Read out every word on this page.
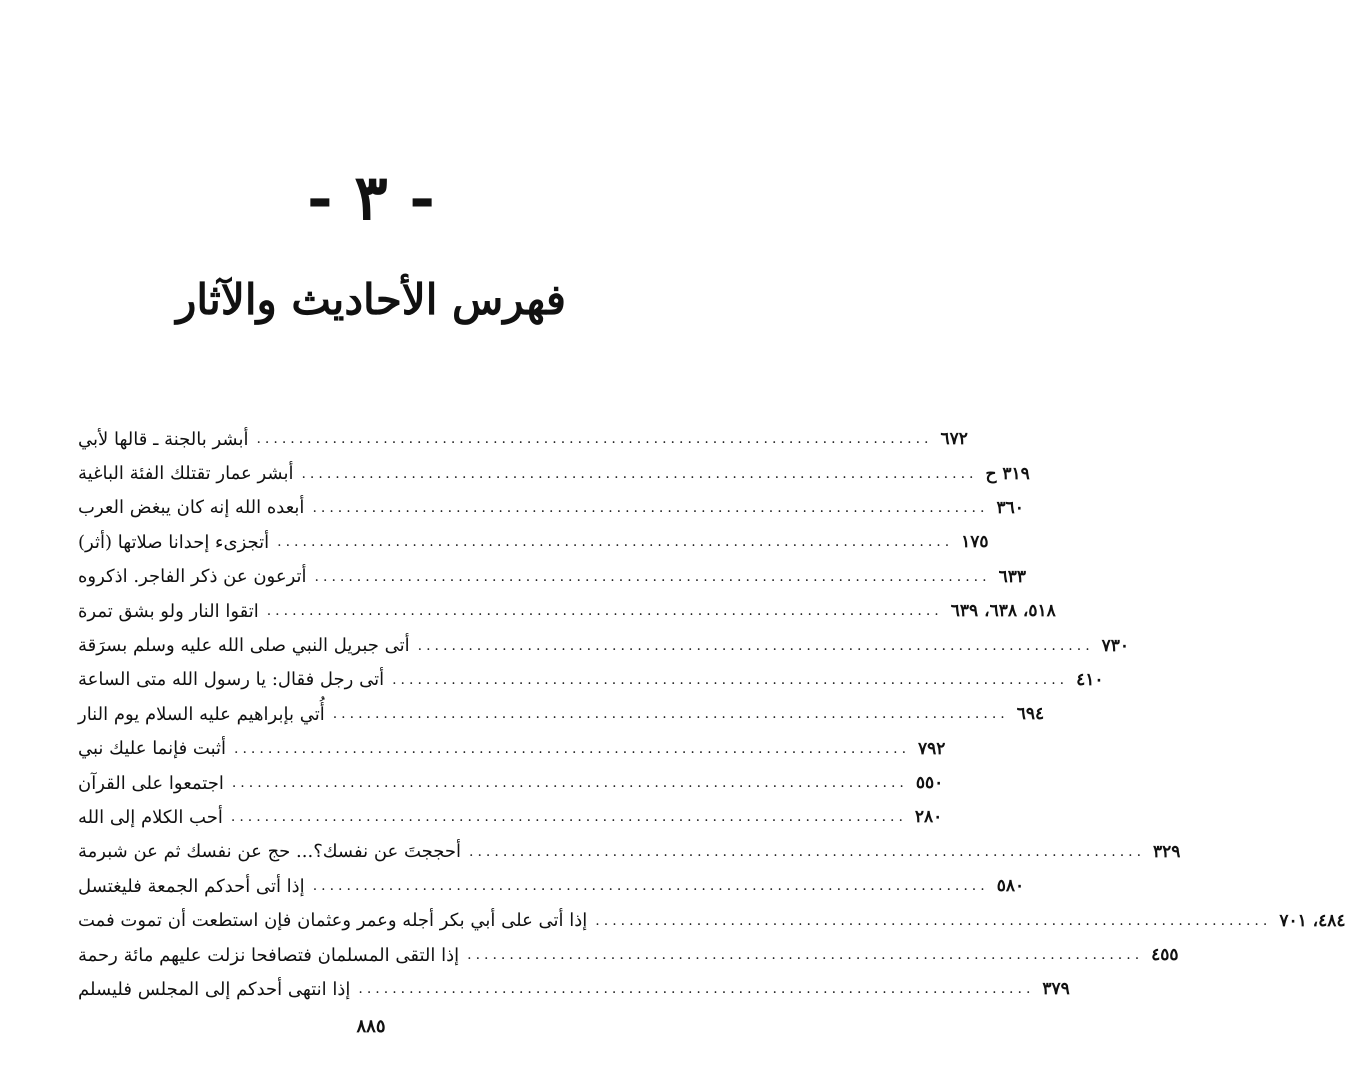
- ٣ -
فهرس الأحاديث والآثار
أبشر بالجنة ـ قالها لأبي ................................................................................ ٦٧٢
أبشر عمار تقتلك الفئة الباغية ................................................................................ ٣١٩ ح
أبعده الله إنه كان يبغض العرب ................................................................................ ٣٦٠
أتجزىء إحدانا صلاتها (أثر) ................................................................................ ١٧٥
أترعون عن ذكر الفاجر. اذكروه ................................................................................ ٦٣٣
اتقوا النار ولو بشق تمرة ................................................................................ ٥١٨، ٦٣٨، ٦٣٩
أتى جبريل النبي صلى الله عليه وسلم بسرَقة ................................................................................ ٧٣٠
أتى رجل فقال: يا رسول الله متى الساعة ................................................................................ ٤١٠
أُتي بإبراهيم عليه السلام يوم النار ................................................................................ ٦٩٤
أثبت فإنما عليك نبي ................................................................................ ٧٩٢
اجتمعوا على القرآن ................................................................................ ٥٥٠
أحب الكلام إلى الله ................................................................................ ٢٨٠
أحججتَ عن نفسك؟... حج عن نفسك ثم عن شبرمة ................................................................................ ٣٢٩
إذا أتى أحدكم الجمعة فليغتسل ................................................................................ ٥٨٠
إذا أتى على أبي بكر أجله وعمر وعثمان فإن استطعت أن تموت فمت ................................................................................ ٤٨٤، ٧٠١
إذا التقى المسلمان فتصافحا نزلت عليهم مائة رحمة ................................................................................ ٤٥٥
إذا انتهى أحدكم إلى المجلس فليسلم ................................................................................ ٣٧٩
٨٨٥
